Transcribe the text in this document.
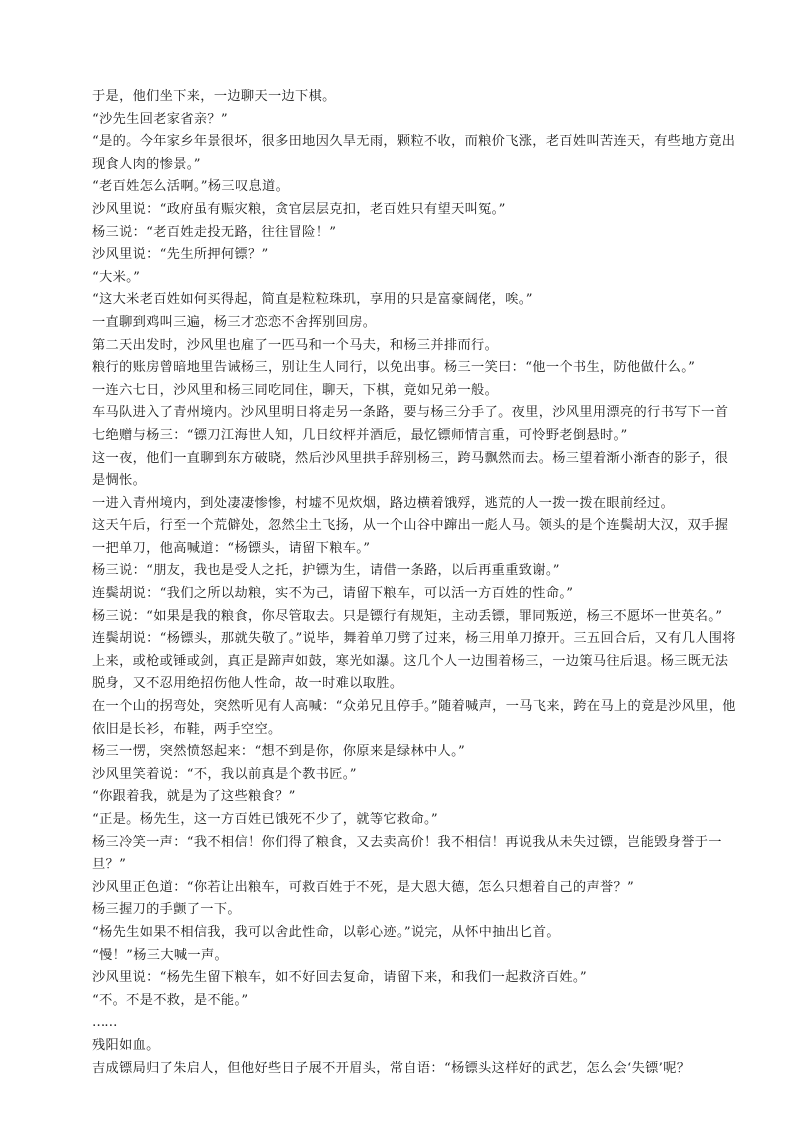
于是，他们坐下来，一边聊天一边下棋。

“沙先生回老家省亲？”

“是的。今年家乡年景很坏，很多田地因久旱无雨，颗粒不收，而粮价飞涨，老百姓叫苦连天，有些地方竟出现食人肉的惨景。”

“老百姓怎么活啊。”杨三叹息道。

沙风里说：“政府虽有赈灾粮，贪官层层克扣，老百姓只有望天叫冤。”

杨三说：“老百姓走投无路，往往冒险！”

沙风里说：“先生所押何镖？”

“大米。”

“这大米老百姓如何买得起，简直是粒粒珠玑，享用的只是富豪阔佬，唉。”

一直聊到鸡叫三遍，杨三才恋恋不舍挥别回房。

第二天出发时，沙风里也雇了一匹马和一个马夫，和杨三并排而行。

粮行的账房曾暗地里告诫杨三，别让生人同行，以免出事。杨三一笑曰：“他一个书生，防他做什么。”

一连六七日，沙风里和杨三同吃同住，聊天，下棋，竟如兄弟一般。

车马队进入了青州境内。沙风里明日将走另一条路，要与杨三分手了。夜里，沙风里用漂亮的行书写下一首七绝赠与杨三：“镖刀江海世人知，几日纹枰并酒卮，最忆镖师情言重，可怜野老倒悬时。”

这一夜，他们一直聊到东方破晓，然后沙风里拱手辞别杨三，跨马飘然而去。杨三望着渐小渐杳的影子，很是惆怅。

一进入青州境内，到处凄凄惨惨，村墟不见炊烟，路边横着饿殍，逃荒的人一拨一拨在眼前经过。

这天午后，行至一个荒僻处，忽然尘土飞扬，从一个山谷中蹿出一彪人马。领头的是个连鬓胡大汉，双手握一把单刀，他高喊道：“杨镖头，请留下粮车。”

杨三说：“朋友，我也是受人之托，护镖为生，请借一条路，以后再重重致谢。”

连鬓胡说：“我们之所以劫粮，实不为己，请留下粮车，可以活一方百姓的性命。”

杨三说：“如果是我的粮食，你尽管取去。只是镖行有规矩，主动丢镖，罪同叛逆，杨三不愿坏一世英名。”

连鬓胡说：“杨镖头，那就失敬了。”说毕，舞着单刀劈了过来，杨三用单刀撩开。三五回合后，又有几人围将上来，或枪或锤或剑，真正是蹄声如鼓，寒光如瀑。这几个人一边围着杨三，一边策马往后退。杨三既无法脱身，又不忍用绝招伤他人性命，故一时难以取胜。

在一个山的拐弯处，突然听见有人高喊：“众弟兄且停手。”随着喊声，一马飞来，跨在马上的竟是沙风里，他依旧是长衫，布鞋，两手空空。

杨三一愣，突然愤怒起来：“想不到是你，你原来是绿林中人。”

沙风里笑着说：“不，我以前真是个教书匠。”

“你跟着我，就是为了这些粮食？”

“正是。杨先生，这一方百姓已饿死不少了，就等它救命。”

杨三冷笑一声：“我不相信！你们得了粮食，又去卖高价！我不相信！再说我从未失过镖，岂能毁身誉于一旦？”

沙风里正色道：“你若让出粮车，可救百姓于不死，是大恩大德，怎么只想着自己的声誉？”

杨三握刀的手颤了一下。

“杨先生如果不相信我，我可以舍此性命，以彰心迹。”说完，从怀中抽出匕首。

“慢！”杨三大喊一声。

沙风里说：“杨先生留下粮车，如不好回去复命，请留下来，和我们一起救济百姓。”

“不。不是不救，是不能。”

……

残阳如血。

吉成镖局归了朱启人，但他好些日子展不开眉头，常自语：“杨镖头这样好的武艺，怎么会‘失镖’呢？
